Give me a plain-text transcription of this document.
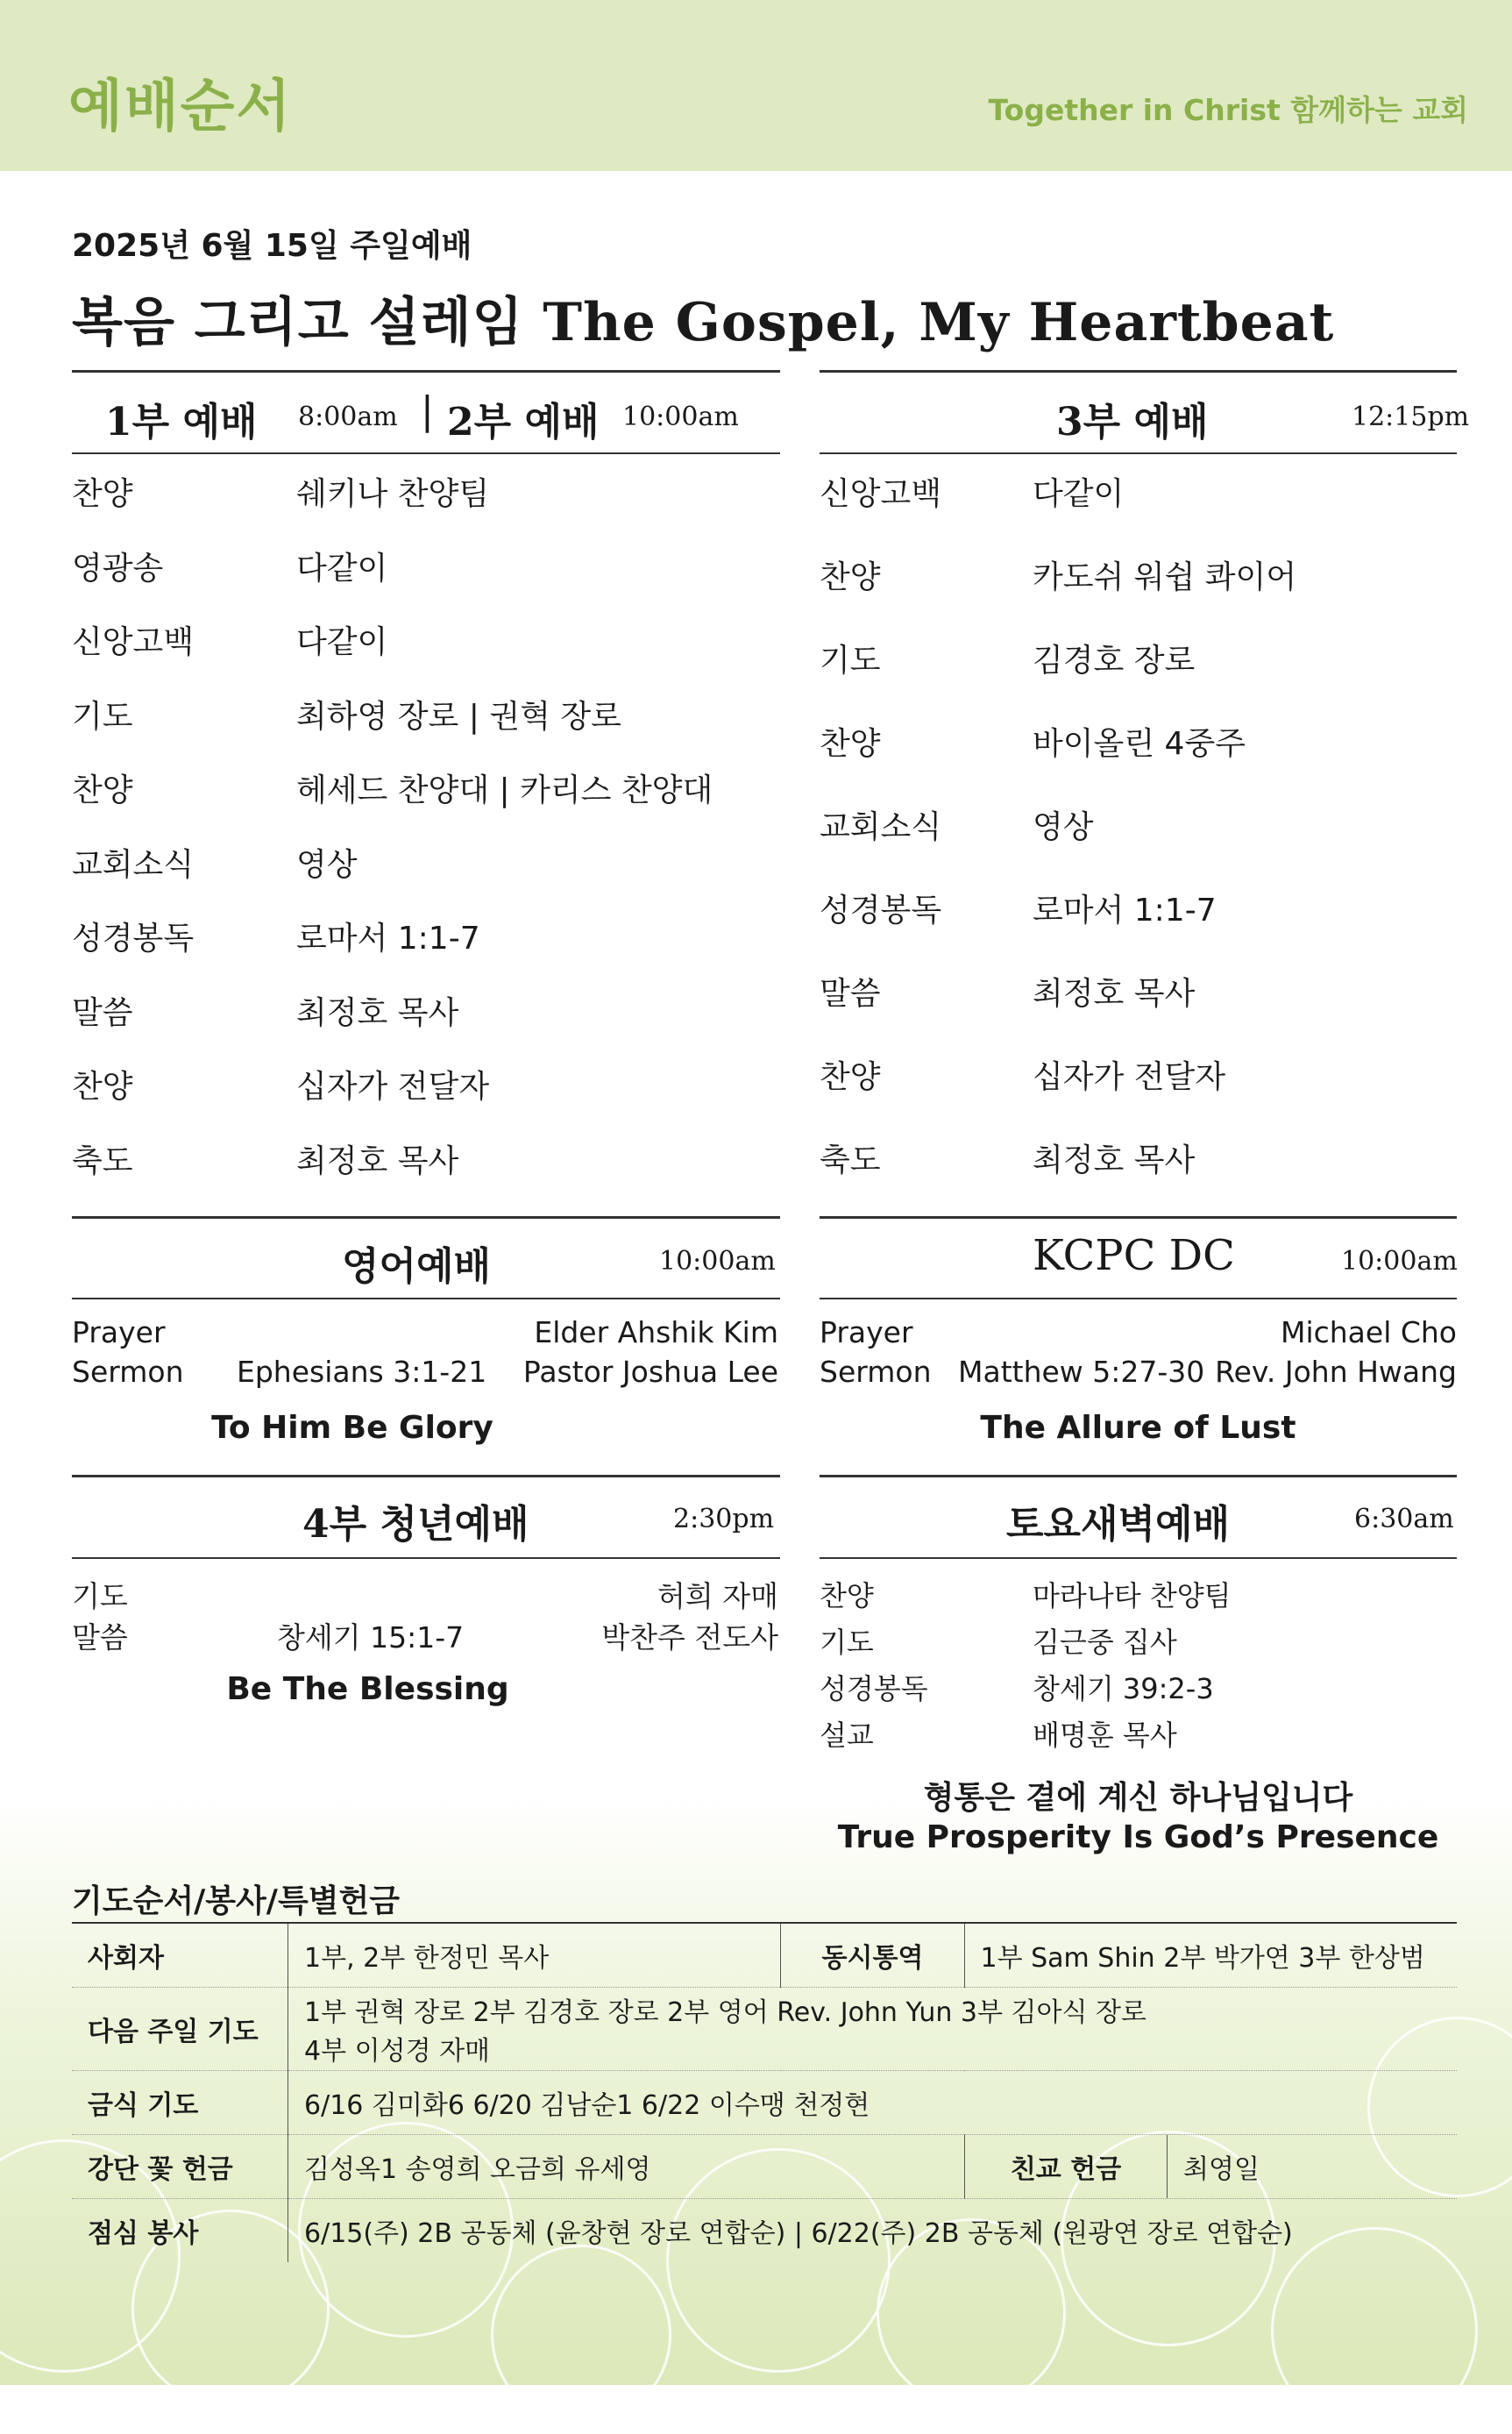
예배순서	Together in Christ 함께하는 교회
2025년 6월 15일 주일예배
복음 그리고 설레임 The Gospel, My Heartbeat
1부 예배 8:00am | 2부 예배 10:00am
찬양	쉐키나 찬양팀
영광송	다같이
신앙고백	다같이
기도	최하영 장로 | 권혁 장로
찬양	헤세드 찬양대 | 카리스 찬양대
교회소식	영상
성경봉독	로마서 1:1-7
말씀	최정호 목사
찬양	십자가 전달자
축도	최정호 목사
3부 예배	12:15pm
신앙고백	다같이
찬양	카도쉬 워쉽 콰이어
기도	김경호 장로
찬양	바이올린 4중주
교회소식	영상
성경봉독	로마서 1:1-7
말씀	최정호 목사
찬양	십자가 전달자
축도	최정호 목사
영어예배	10:00am
Prayer	Elder Ahshik Kim
Sermon Ephesians 3:1-21 Pastor Joshua Lee
To Him Be Glory
KCPC DC	10:00am
Prayer	Michael Cho
Sermon Matthew 5:27-30 Rev. John Hwang
The Allure of Lust
4부 청년예배	2:30pm
기도	허희 자매
말씀	창세기 15:1-7	박찬주 전도사
Be The Blessing
토요새벽예배	6:30am
찬양	마라나타 찬양팀
기도	김근중 집사
성경봉독	창세기 39:2-3
설교	배명훈 목사
형통은 곁에 계신 하나님입니다
True Prosperity Is God’s Presence
기도순서/봉사/특별헌금
사회자	1부, 2부 한정민 목사	동시통역	1부 Sam Shin 2부 박가연 3부 한상범
다음 주일 기도	1부 권혁 장로 2부 김경호 장로 2부 영어 Rev. John Yun 3부 김아식 장로
4부 이성경 자매		

금식 기도	6/16 김미화6 6/20 김남순1 6/22 이수맹 천정현		
강단 꽃 헌금	김성옥1 송영희 오금희 유세영		친교 헌금 최영일

점심 봉사	6/15(주) 2B 공동체 (윤창현 장로 연합순) | 6/22(주) 2B 공동체 (원광연 장로 연합순)		
